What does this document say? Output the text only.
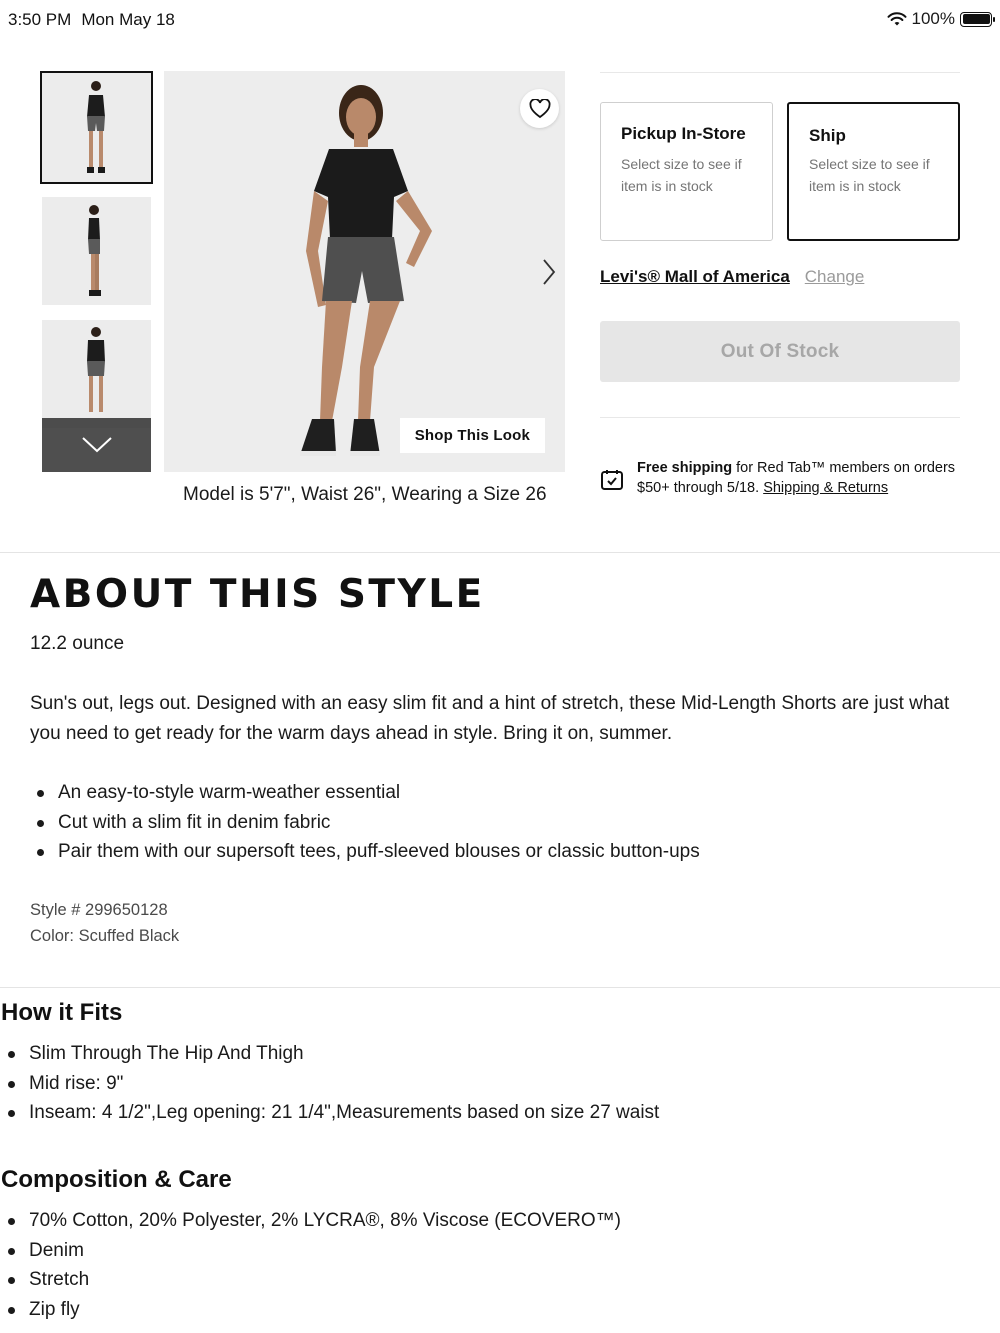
3:50 PM Mon May 18	100%
Shop This Look
Model is 5'7", Waist 26", Wearing a Size 26
Pickup In-Store
Select size to see if item is in stock
Ship
Select size to see if item is in stock
Levi's® Mall of America Change
Out Of Stock
Free shipping for Red Tab™ members on orders $50+ through 5/18. Shipping & Returns
ABOUT THIS STYLE
12.2 ounce
Sun's out, legs out. Designed with an easy slim fit and a hint of stretch, these Mid-Length Shorts are just what you need to get ready for the warm days ahead in style. Bring it on, summer.
An easy-to-style warm-weather essential
Cut with a slim fit in denim fabric
Pair them with our supersoft tees, puff-sleeved blouses or classic button-ups
Style # 299650128
Color: Scuffed Black
How it Fits
Slim Through The Hip And Thigh
Mid rise: 9"
Inseam: 4 1/2",Leg opening: 21 1/4",Measurements based on size 27 waist
Composition & Care
70% Cotton, 20% Polyester, 2% LYCRA®, 8% Viscose (ECOVERO™)
Denim
Stretch
Zip fly
